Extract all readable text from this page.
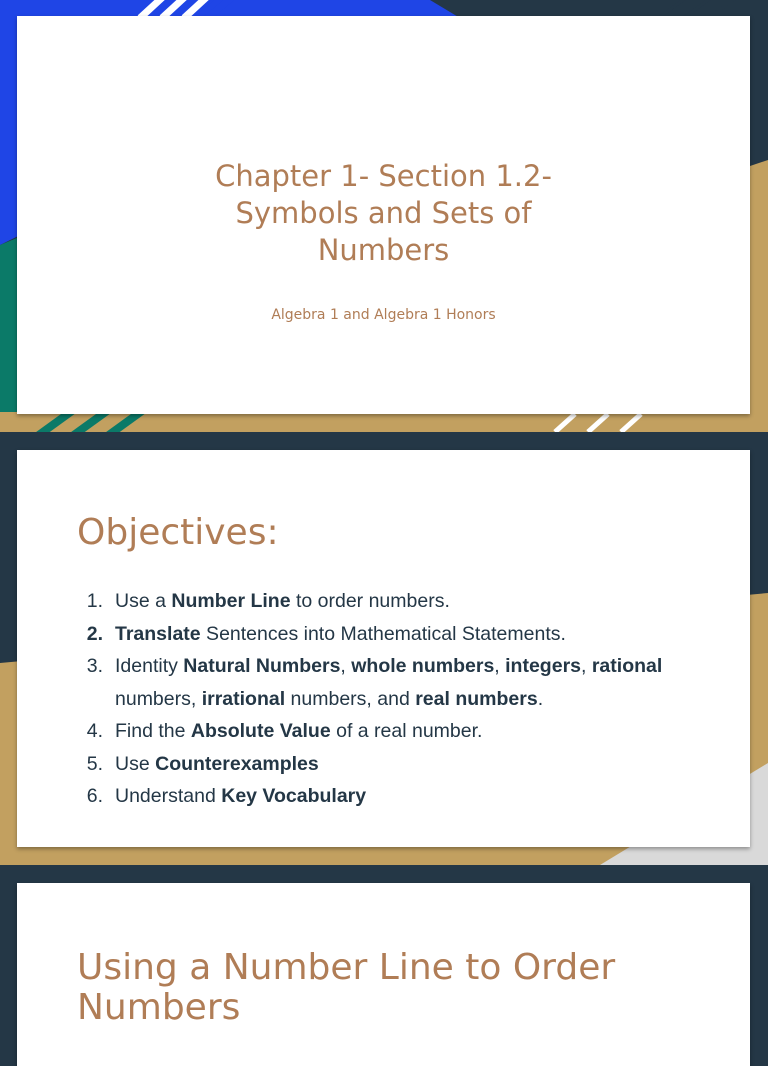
Chapter 1- Section 1.2-
Symbols and Sets of
Numbers

Algebra 1 and Algebra 1 Honors

Objectives:
1. Use a Number Line to order numbers.
2. Translate Sentences into Mathematical Statements.
3. Identity Natural Numbers, whole numbers, integers, rational numbers, irrational numbers, and real numbers.
4. Find the Absolute Value of a real number.
5. Use Counterexamples
6. Understand Key Vocabulary
Using a Number Line to Order
Numbers
